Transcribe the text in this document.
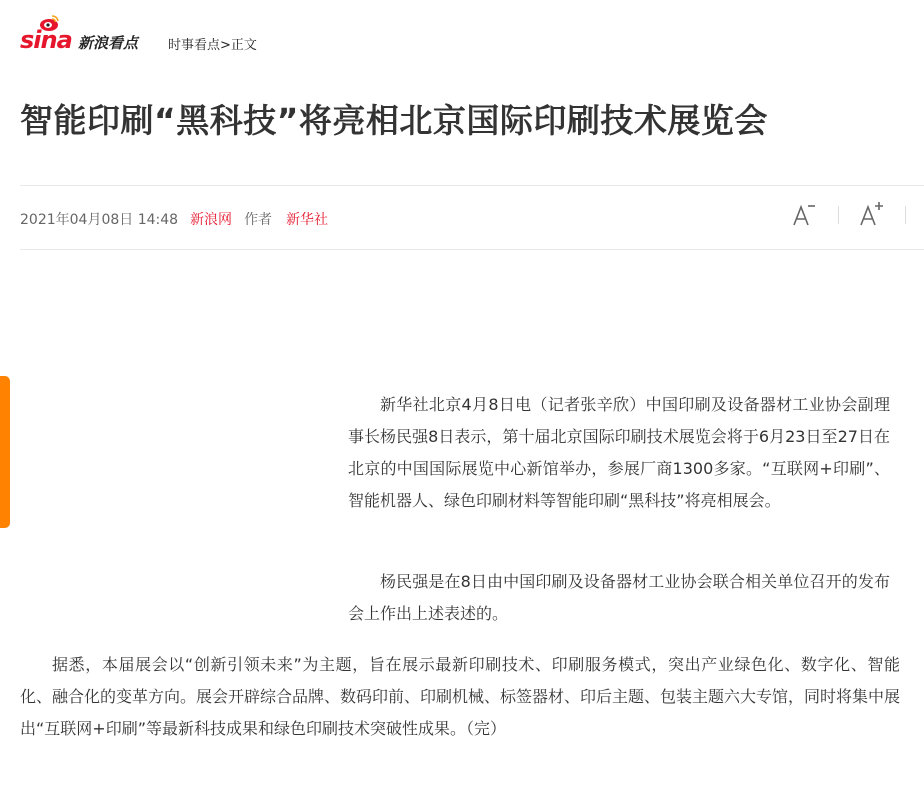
sina 新浪看点 时事看点>正文
智能印刷“黑科技”将亮相北京国际印刷技术展览会
2021年04月08日 14:48 新浪网 作者 新华社

新华社北京4月8日电（记者张辛欣）中国印刷及设备器材工业协会副理事长杨民强8日表示，第十届北京国际印刷技术展览会将于6月23日至27日在北京的中国国际展览中心新馆举办，参展厂商1300多家。“互联网+印刷”、智能机器人、绿色印刷材料等智能印刷“黑科技”将亮相展会。

杨民强是在8日由中国印刷及设备器材工业协会联合相关单位召开的发布会上作出上述表述的。

据悉，本届展会以“创新引领未来”为主题，旨在展示最新印刷技术、印刷服务模式，突出产业绿色化、数字化、智能化、融合化的变革方向。展会开辟综合品牌、数码印前、印刷机械、标签器材、印后主题、包装主题六大专馆，同时将集中展出“互联网+印刷”等最新科技成果和绿色印刷技术突破性成果。（完）
